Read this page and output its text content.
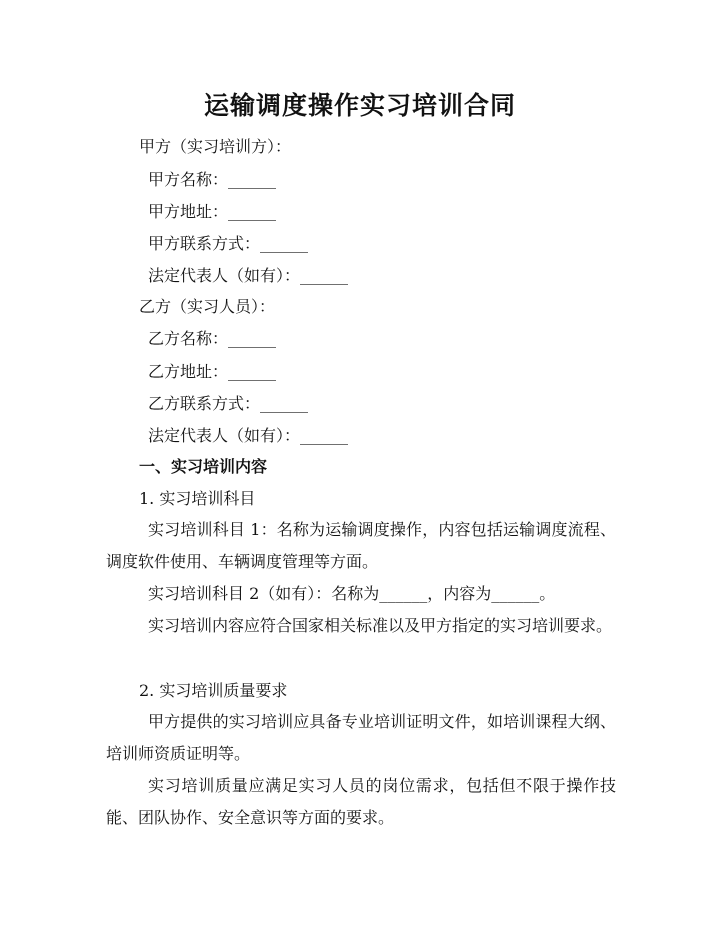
运输调度操作实习培训合同
甲方（实习培训方）：
甲方名称：______
甲方地址：______
甲方联系方式：______
法定代表人（如有）：______
乙方（实习人员）：
乙方名称：______
乙方地址：______
乙方联系方式：______
法定代表人（如有）：______
一、实习培训内容
1. 实习培训科目
实习培训科目 1：名称为运输调度操作，内容包括运输调度流程、调度软件使用、车辆调度管理等方面。
实习培训科目 2（如有）：名称为______，内容为______。
实习培训内容应符合国家相关标准以及甲方指定的实习培训要求。
2. 实习培训质量要求
甲方提供的实习培训应具备专业培训证明文件，如培训课程大纲、培训师资质证明等。
实习培训质量应满足实习人员的岗位需求，包括但不限于操作技能、团队协作、安全意识等方面的要求。
